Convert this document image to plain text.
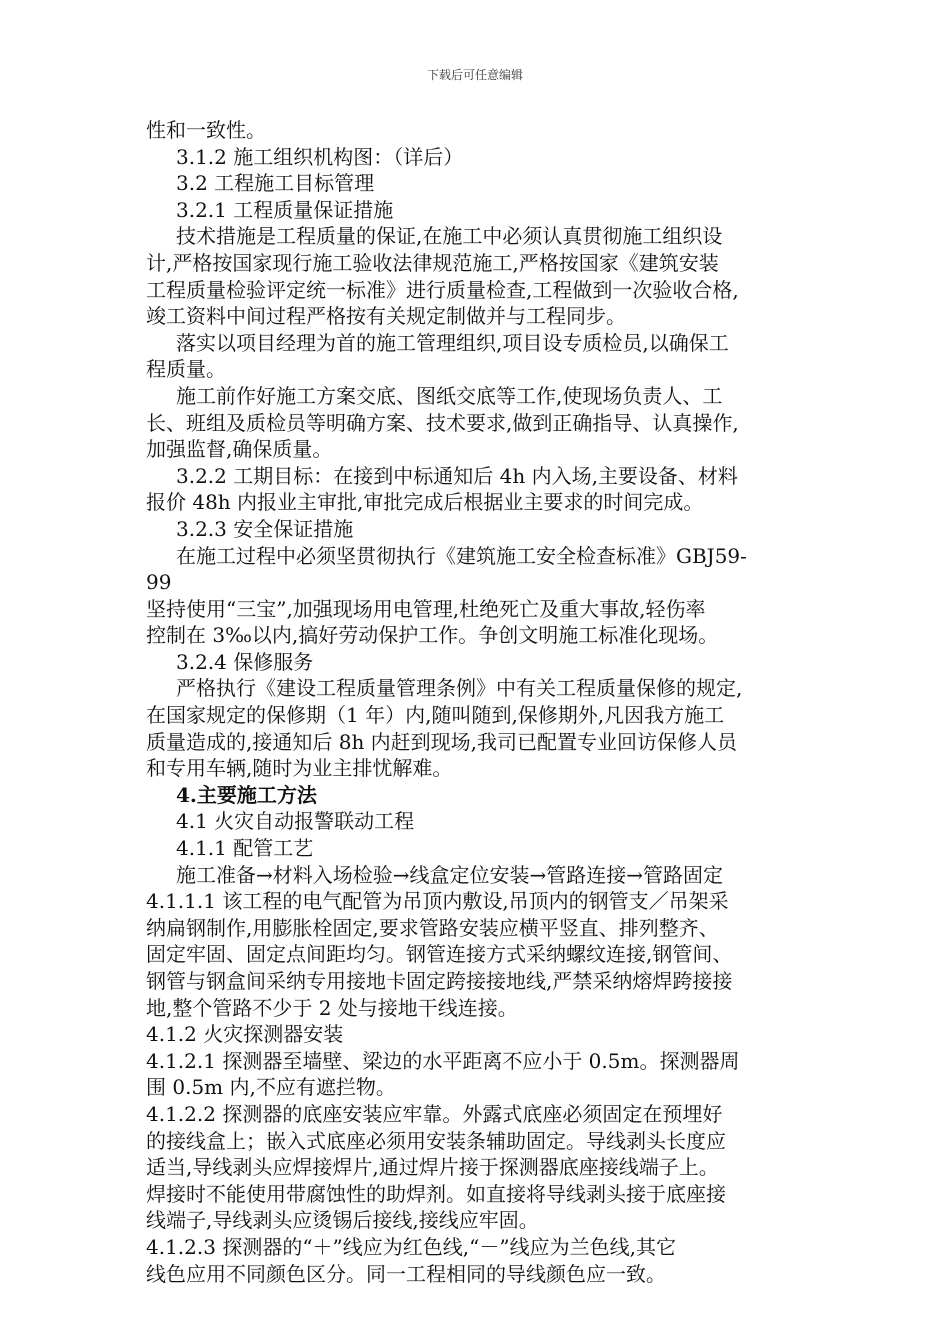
下载后可任意编辑

性和一致性。

3.1.2 施工组织机构图：（详后）

3.2 工程施工目标管理

3.2.1 工程质量保证措施

技术措施是工程质量的保证,在施工中必须认真贯彻施工组织设

计,严格按国家现行施工验收法律规范施工,严格按国家《建筑安装

工程质量检验评定统一标准》进行质量检查,工程做到一次验收合格,

竣工资料中间过程严格按有关规定制做并与工程同步。

落实以项目经理为首的施工管理组织,项目设专质检员,以确保工

程质量。

施工前作好施工方案交底、图纸交底等工作,使现场负责人、工

长、班组及质检员等明确方案、技术要求,做到正确指导、认真操作,

加强监督,确保质量。

3.2.2 工期目标：在接到中标通知后 4h 内入场,主要设备、材料

报价 48h 内报业主审批,审批完成后根据业主要求的时间完成。

3.2.3 安全保证措施

在施工过程中必须坚贯彻执行《建筑施工安全检查标准》GBJ59-

99

坚持使用“三宝”,加强现场用电管理,杜绝死亡及重大事故,轻伤率

控制在 3‰以内,搞好劳动保护工作。争创文明施工标准化现场。

3.2.4 保修服务

严格执行《建设工程质量管理条例》中有关工程质量保修的规定,

在国家规定的保修期（1 年）内,随叫随到,保修期外,凡因我方施工

质量造成的,接通知后 8h 内赶到现场,我司已配置专业回访保修人员

和专用车辆,随时为业主排忧解难。

4.主要施工方法

4.1 火灾自动报警联动工程

4.1.1 配管工艺

施工准备→材料入场检验→线盒定位安装→管路连接→管路固定

4.1.1.1 该工程的电气配管为吊顶内敷设,吊顶内的钢管支／吊架采

纳扁钢制作,用膨胀栓固定,要求管路安装应横平竖直、排列整齐、

固定牢固、固定点间距均匀。钢管连接方式采纳螺纹连接,钢管间、

钢管与钢盒间采纳专用接地卡固定跨接接地线,严禁采纳熔焊跨接接

地,整个管路不少于 2 处与接地干线连接。

4.1.2 火灾探测器安装

4.1.2.1 探测器至墙壁、梁边的水平距离不应小于 0.5m。探测器周

围 0.5m 内,不应有遮拦物。

4.1.2.2 探测器的底座安装应牢靠。外露式底座必须固定在预埋好

的接线盒上；嵌入式底座必须用安装条辅助固定。导线剥头长度应

适当,导线剥头应焊接焊片,通过焊片接于探测器底座接线端子上。

焊接时不能使用带腐蚀性的助焊剂。如直接将导线剥头接于底座接

线端子,导线剥头应烫锡后接线,接线应牢固。

4.1.2.3 探测器的“＋”线应为红色线,“－”线应为兰色线,其它

线色应用不同颜色区分。同一工程相同的导线颜色应一致。
